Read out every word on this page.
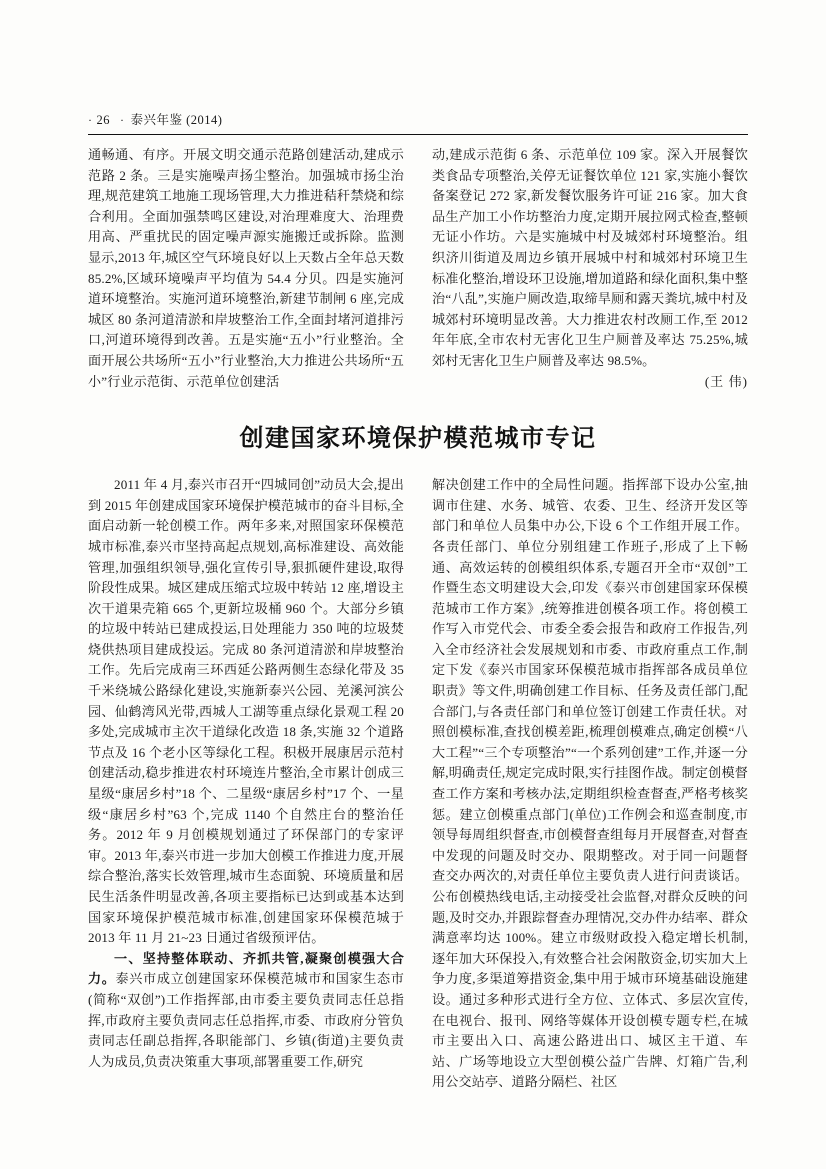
· 26 · 泰兴年鉴 (2014)

通畅通、有序。开展文明交通示范路创建活动,建成示范路 2 条。三是实施噪声扬尘整治。加强城市扬尘治理,规范建筑工地施工现场管理,大力推进秸秆禁烧和综合利用。全面加强禁鸣区建设,对治理难度大、治理费用高、严重扰民的固定噪声源实施搬迁或拆除。监测显示,2013 年,城区空气环境良好以上天数占全年总天数 85.2%,区域环境噪声平均值为 54.4 分贝。四是实施河道环境整治。实施河道环境整治,新建节制闸 6 座,完成城区 80 条河道清淤和岸坡整治工作,全面封堵河道排污口,河道环境得到改善。五是实施“五小”行业整治。全面开展公共场所“五小”行业整治,大力推进公共场所“五小”行业示范街、示范单位创建活

动,建成示范街 6 条、示范单位 109 家。深入开展餐饮类食品专项整治,关停无证餐饮单位 121 家,实施小餐饮备案登记 272 家,新发餐饮服务许可证 216 家。加大食品生产加工小作坊整治力度,定期开展拉网式检查,整顿无证小作坊。六是实施城中村及城郊村环境整治。组织济川街道及周边乡镇开展城中村和城郊村环境卫生标准化整治,增设环卫设施,增加道路和绿化面积,集中整治“八乱”,实施户厕改造,取缔旱厕和露天粪坑,城中村及城郊村环境明显改善。大力推进农村改厕工作,至 2012 年年底,全市农村无害化卫生户厕普及率达 75.25%,城郊村无害化卫生户厕普及率达 98.5%。

(王 伟)

创建国家环境保护模范城市专记

2011 年 4 月,泰兴市召开“四城同创”动员大会,提出到 2015 年创建成国家环境保护模范城市的奋斗目标,全面启动新一轮创模工作。两年多来,对照国家环保模范城市标准,泰兴市坚持高起点规划,高标准建设、高效能管理,加强组织领导,强化宣传引导,狠抓硬件建设,取得阶段性成果。城区建成压缩式垃圾中转站 12 座,增设主次干道果壳箱 665 个,更新垃圾桶 960 个。大部分乡镇的垃圾中转站已建成投运,日处理能力 350 吨的垃圾焚烧供热项目建成投运。完成 80 条河道清淤和岸坡整治工作。先后完成南三环西延公路两侧生态绿化带及 35 千米绕城公路绿化建设,实施新泰兴公园、羌溪河滨公园、仙鹤湾风光带,西城人工湖等重点绿化景观工程 20 多处,完成城市主次干道绿化改造 18 条,实施 32 个道路节点及 16 个老小区等绿化工程。积极开展康居示范村创建活动,稳步推进农村环境连片整治,全市累计创成三星级“康居乡村”18 个、二星级“康居乡村”17 个、一星级“康居乡村”63 个,完成 1140 个自然庄台的整治任务。2012 年 9 月创模规划通过了环保部门的专家评审。2013 年,泰兴市进一步加大创模工作推进力度,开展综合整治,落实长效管理,城市生态面貌、环境质量和居民生活条件明显改善,各项主要指标已达到或基本达到国家环境保护模范城市标准,创建国家环保模范城于 2013 年 11 月 21~23 日通过省级预评估。

一、坚持整体联动、齐抓共管,凝聚创模强大合力。泰兴市成立创建国家环保模范城市和国家生态市(简称“双创”)工作指挥部,由市委主要负责同志任总指挥,市政府主要负责同志任总指挥,市委、市政府分管负责同志任副总指挥,各职能部门、乡镇(街道)主要负责人为成员,负责决策重大事项,部署重要工作,研究

解决创建工作中的全局性问题。指挥部下设办公室,抽调市住建、水务、城管、农委、卫生、经济开发区等部门和单位人员集中办公,下设 6 个工作组开展工作。各责任部门、单位分别组建工作班子,形成了上下畅通、高效运转的创模组织体系,专题召开全市“双创”工作暨生态文明建设大会,印发《泰兴市创建国家环保模范城市工作方案》,统筹推进创模各项工作。将创模工作写入市党代会、市委全委会报告和政府工作报告,列入全市经济社会发展规划和市委、市政府重点工作,制定下发《泰兴市国家环保模范城市指挥部各成员单位职责》等文件,明确创建工作目标、任务及责任部门,配合部门,与各责任部门和单位签订创建工作责任状。对照创模标准,查找创模差距,梳理创模难点,确定创模“八大工程”“三个专项整治”“一个系列创建”工作,并逐一分解,明确责任,规定完成时限,实行挂图作战。制定创模督查工作方案和考核办法,定期组织检查督查,严格考核奖惩。建立创模重点部门(单位)工作例会和巡查制度,市领导每周组织督查,市创模督查组每月开展督查,对督查中发现的问题及时交办、限期整改。对于同一问题督查交办两次的,对责任单位主要负责人进行问责谈话。公布创模热线电话,主动接受社会监督,对群众反映的问题,及时交办,并跟踪督查办理情况,交办件办结率、群众满意率均达 100%。建立市级财政投入稳定增长机制,逐年加大环保投入,有效整合社会闲散资金,切实加大上争力度,多渠道筹措资金,集中用于城市环境基础设施建设。通过多种形式进行全方位、立体式、多层次宣传,在电视台、报刊、网络等媒体开设创模专题专栏,在城市主要出入口、高速公路进出口、城区主干道、车站、广场等地设立大型创模公益广告牌、灯箱广告,利用公交站亭、道路分隔栏、社区
